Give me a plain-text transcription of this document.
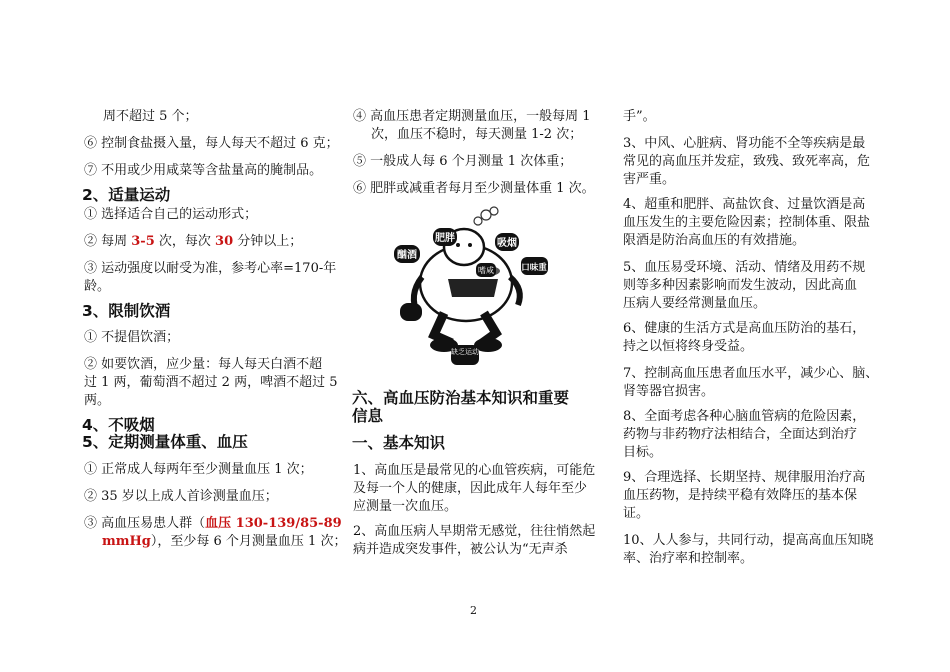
周不超过 5 个；

⑥ 控制食盐摄入量，每人每天不超过 6 克；

⑦ 不用或少用咸菜等含盐量高的腌制品。

2、适量运动

① 选择适合自己的运动形式；

② 每周 3-5 次，每次 30 分钟以上；

③ 运动强度以耐受为准，参考心率=170-年

龄。

3、限制饮酒

① 不提倡饮酒；

② 如要饮酒，应少量：每人每天白酒不超

过 1 两，葡萄酒不超过 2 两，啤酒不超过 5

两。

4、不吸烟

5、定期测量体重、血压

① 正常成人每两年至少测量血压 1 次；

② 35 岁以上成人首诊测量血压；

③ 高血压易患人群（血压 130-139/85-89

mmHg），至少每 6 个月测量血压 1 次；

④ 高血压患者定期测量血压，一般每周 1

次，血压不稳时，每天测量 1-2 次；

⑤ 一般成人每 6 个月测量 1 次体重；

⑥ 肥胖或减重者每月至少测量体重 1 次。

肥胖	吸烟
嗜咸	口味重
酗酒
缺乏运动

六、高血压防治基本知识和重要

信息

一、基本知识

1、高血压是最常见的心血管疾病，可能危

及每一个人的健康，因此成年人每年至少

应测量一次血压。

2、高血压病人早期常无感觉，往往悄然起

病并造成突发事件，被公认为“无声杀

手”。

3、中风、心脏病、肾功能不全等疾病是最

常见的高血压并发症，致残、致死率高，危

害严重。

4、超重和肥胖、高盐饮食、过量饮酒是高

血压发生的主要危险因素；控制体重、限盐

限酒是防治高血压的有效措施。

5、血压易受环境、活动、情绪及用药不规

则等多种因素影响而发生波动，因此高血

压病人要经常测量血压。

6、健康的生活方式是高血压防治的基石，

持之以恒将终身受益。

7、控制高血压患者血压水平，减少心、脑、

肾等器官损害。

8、全面考虑各种心脑血管病的危险因素，

药物与非药物疗法相结合，全面达到治疗

目标。

9、合理选择、长期坚持、规律服用治疗高

血压药物，是持续平稳有效降压的基本保

证。

10、人人参与，共同行动，提高高血压知晓

率、治疗率和控制率。

2
